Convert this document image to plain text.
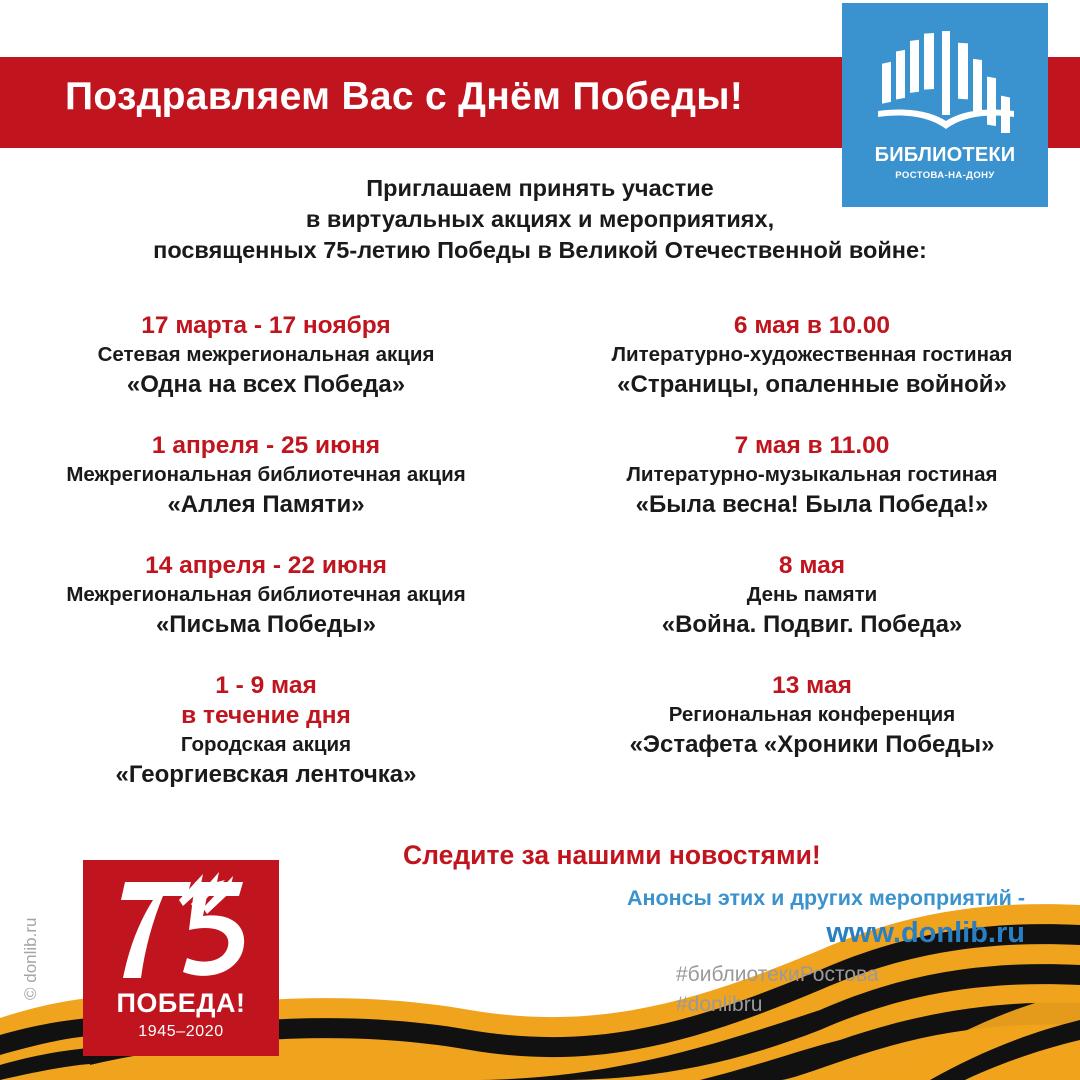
Поздравляем Вас с Днём Победы!
БИБЛИОТЕКИ
РОСТОВА-НА-ДОНУ
Приглашаем принять участие
в виртуальных акциях и мероприятиях,
посвященных 75-летию Победы в Великой Отечественной войне:
17 марта - 17 ноября
Сетевая межрегиональная акция
«Одна на всех Победа»
1 апреля - 25 июня
Межрегиональная библиотечная акция
«Аллея Памяти»
14 апреля - 22 июня
Межрегиональная библиотечная акция
«Письма Победы»
1 - 9 мая
в течение дня
Городская акция
«Георгиевская ленточка»
6 мая в 10.00
Литературно-художественная гостиная
«Страницы, опаленные войной»
7 мая в 11.00
Литературно-музыкальная гостиная
«Была весна! Была Победа!»
8 мая
День памяти
«Война. Подвиг. Победа»
13 мая
Региональная конференция
«Эстафета «Хроники Победы»
Следите за нашими новостями!
Анонсы этих и других мероприятий -
www.donlib.ru
#библиотекиРостова
#donlibru
© donlib.ru
ПОБЕДА!
1945–2020
